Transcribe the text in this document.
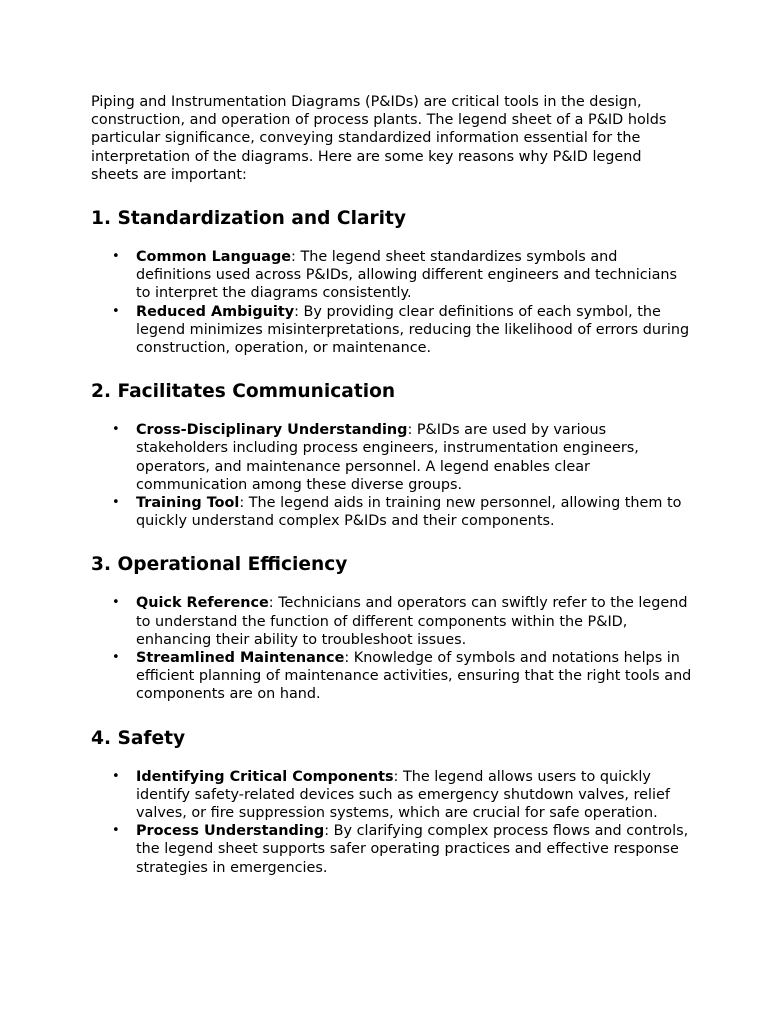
Piping and Instrumentation Diagrams (P&IDs) are critical tools in the design, construction, and operation of process plants. The legend sheet of a P&ID holds particular significance, conveying standardized information essential for the interpretation of the diagrams. Here are some key reasons why P&ID legend sheets are important:

1. Standardization and Clarity
• Common Language: The legend sheet standardizes symbols and definitions used across P&IDs, allowing different engineers and technicians to interpret the diagrams consistently.
• Reduced Ambiguity: By providing clear definitions of each symbol, the legend minimizes misinterpretations, reducing the likelihood of errors during construction, operation, or maintenance.
2. Facilitates Communication
• Cross-Disciplinary Understanding: P&IDs are used by various stakeholders including process engineers, instrumentation engineers, operators, and maintenance personnel. A legend enables clear communication among these diverse groups.
• Training Tool: The legend aids in training new personnel, allowing them to quickly understand complex P&IDs and their components.
3. Operational Efficiency
• Quick Reference: Technicians and operators can swiftly refer to the legend to understand the function of different components within the P&ID, enhancing their ability to troubleshoot issues.
• Streamlined Maintenance: Knowledge of symbols and notations helps in efficient planning of maintenance activities, ensuring that the right tools and components are on hand.
4. Safety
• Identifying Critical Components: The legend allows users to quickly identify safety-related devices such as emergency shutdown valves, relief valves, or fire suppression systems, which are crucial for safe operation.
• Process Understanding: By clarifying complex process flows and controls, the legend sheet supports safer operating practices and effective response strategies in emergencies.
